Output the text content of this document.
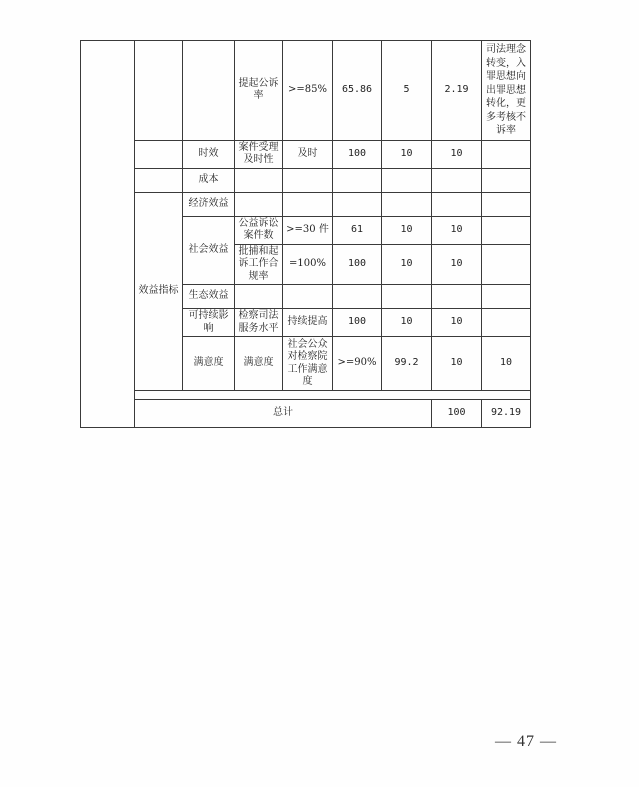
			提起公诉率	>=85%	65.86	5	2.19	司法理念转变，入罪思想向出罪思想转化，更多考核不诉率	
		时效	案件受理及时性	及时	100	10	10		
		成本							
	效益指标	经济效益							
		社会效益	公益诉讼案件数	>=30 件	61	10	10		
			批捕和起诉工作合规率	=100%	100	10	10		
		生态效益							
		可持续影响	检察司法服务水平	持续提高	100	10	10		
		满意度	满意度	社会公众对检察院工作满意度	>=90%	99.2	10	10	

	总计						100	92.19	
— 47 —
